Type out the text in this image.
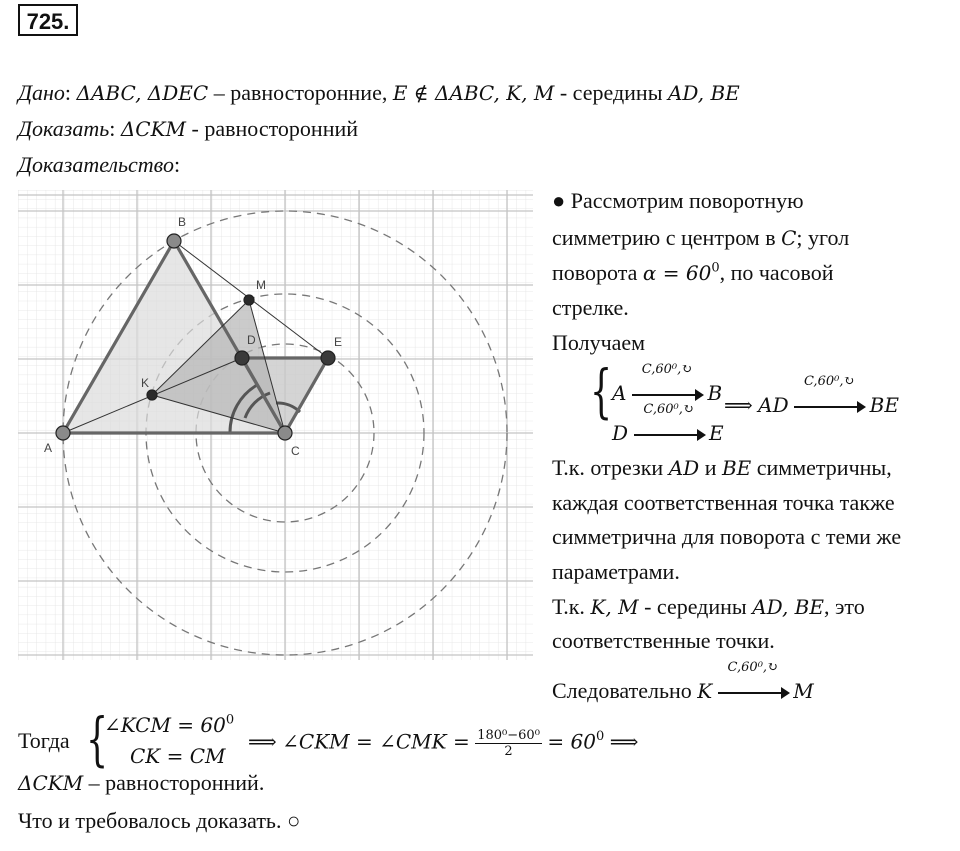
725.
Дано: ΔABC, ΔDEC – равносторонние, E ∉ ΔABC, K, M - середины AD, BE
Доказать: ΔCKM - равносторонний
Доказательство:
A
B
C
D	E
K
M
● Рассмотрим поворотную
симметрию с центром в C; угол
поворота $\alpha = 60^0$, по часовой
стрелке.
Получаем
{ A
C,60⁰,↻
B
D
C,60⁰,↻
E
⟹ AD
C,60⁰,↻
BE
Т.к. отрезки AD и BE симметричны,
каждая соответственная точка также
симметрична для поворота с теми же
параметрами.
Т.к. K, M - середины AD, BE, это
соответственные точки.
Следовательно K
C,60⁰,↻
M
Тогда {
∠KCM = $60^0$
CK = CM
⟹ ∠CKM = ∠CMK = $\frac{\text{180⁰−60⁰}}{2} = 60^0$ ⟹
ΔCKM – равносторонний.
Что и требовалось доказать. ○
